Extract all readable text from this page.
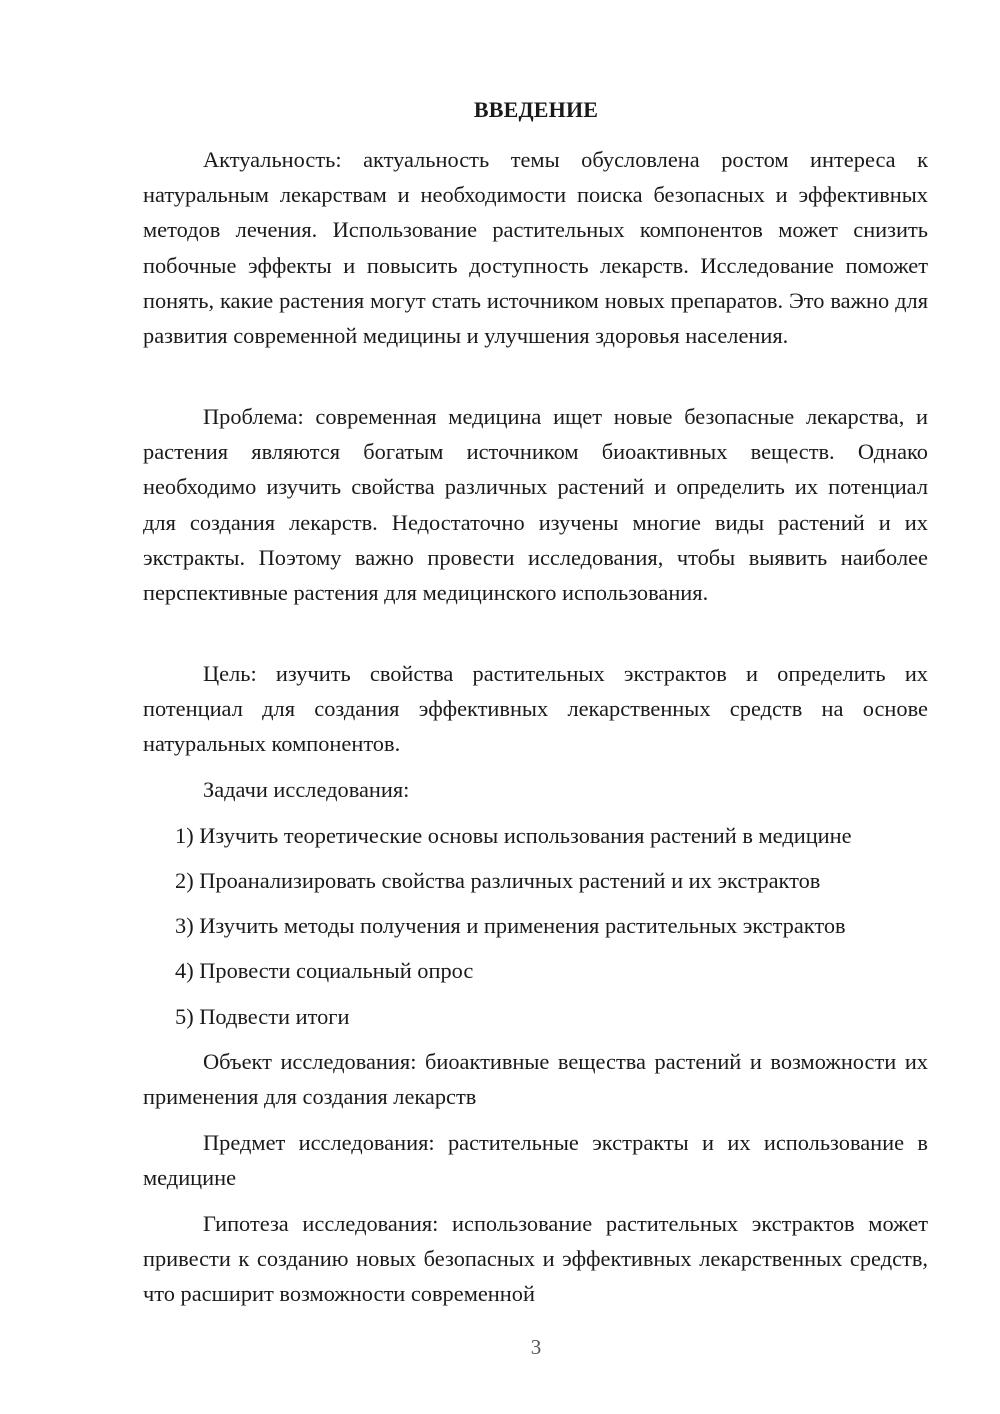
ВВЕДЕНИЕ

Актуальность: актуальность темы обусловлена ростом интереса к натуральным лекарствам и необходимости поиска безопасных и эффективных методов лечения. Использование растительных компонентов может снизить побочные эффекты и повысить доступность лекарств. Исследование поможет понять, какие растения могут стать источником новых препаратов. Это важно для развития современной медицины и улучшения здоровья населения.

Проблема: современная медицина ищет новые безопасные лекарства, и растения являются богатым источником биоактивных веществ. Однако необходимо изучить свойства различных растений и определить их потенциал для создания лекарств. Недостаточно изучены многие виды растений и их экстракты. Поэтому важно провести исследования, чтобы выявить наиболее перспективные растения для медицинского использования.

Цель: изучить свойства растительных экстрактов и определить их потенциал для создания эффективных лекарственных средств на основе натуральных компонентов.

Задачи исследования:

1) Изучить теоретические основы использования растений в медицине

2) Проанализировать свойства различных растений и их экстрактов

3) Изучить методы получения и применения растительных экстрактов

4) Провести социальный опрос

5) Подвести итоги

Объект исследования: биоактивные вещества растений и возможности их применения для создания лекарств

Предмет исследования: растительные экстракты и их использование в медицине

Гипотеза исследования: использование растительных экстрактов может привести к созданию новых безопасных и эффективных лекарственных средств, что расширит возможности современной

3
